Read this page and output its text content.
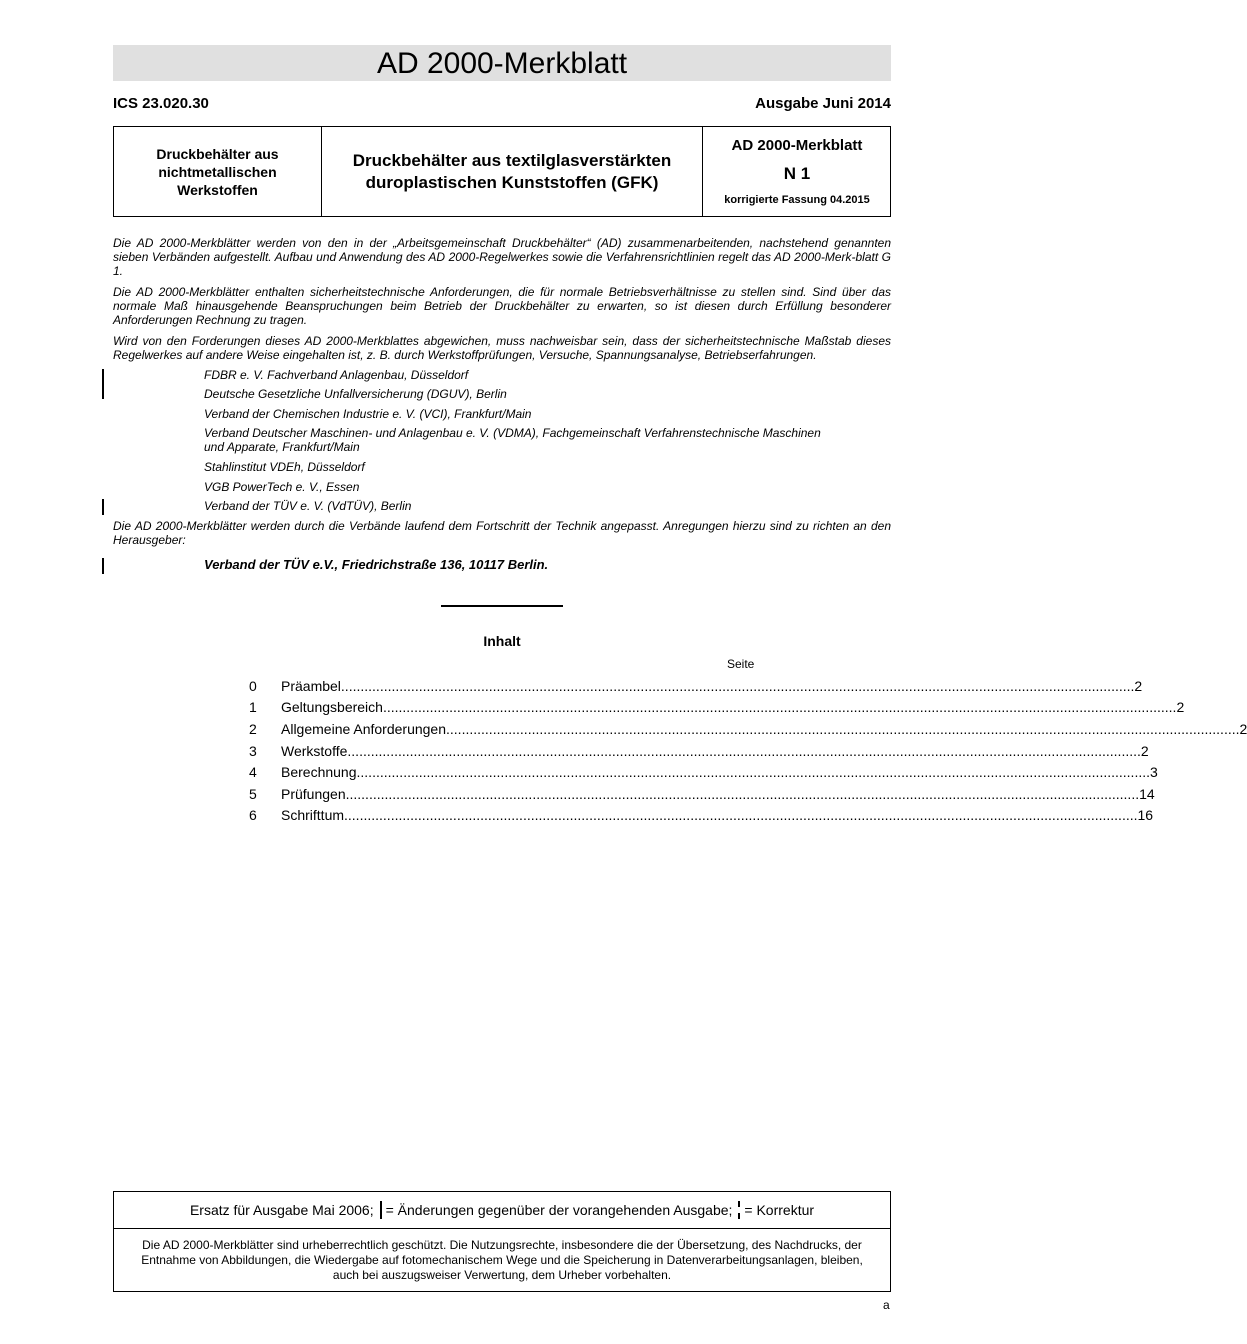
AD 2000-Merkblatt
ICS 23.020.30	Ausgabe Juni 2014
Druckbehälter aus
nichtmetallischen
Werkstoffen
Druckbehälter aus textilglasverstärkten
duroplastischen Kunststoffen (GFK)
AD 2000-Merkblatt
N 1
korrigierte Fassung 04.2015
Die AD 2000-Merkblätter werden von den in der „Arbeitsgemeinschaft Druckbehälter“ (AD) zusammenarbeitenden, nachstehend genannten sieben Verbänden aufgestellt. Aufbau und Anwendung des AD 2000-Regelwerkes sowie die Verfahrensrichtlinien regelt das AD 2000-Merk-blatt G 1.
Die AD 2000-Merkblätter enthalten sicherheitstechnische Anforderungen, die für normale Betriebsverhältnisse zu stellen sind. Sind über das normale Maß hinausgehende Beanspruchungen beim Betrieb der Druckbehälter zu erwarten, so ist diesen durch Erfüllung besonderer Anforderungen Rechnung zu tragen.
Wird von den Forderungen dieses AD 2000-Merkblattes abgewichen, muss nachweisbar sein, dass der sicherheitstechnische Maßstab dieses Regelwerkes auf andere Weise eingehalten ist, z. B. durch Werkstoffprüfungen, Versuche, Spannungsanalyse, Betriebserfahrungen.
FDBR e. V. Fachverband Anlagenbau, Düsseldorf
Deutsche Gesetzliche Unfallversicherung (DGUV), Berlin
Verband der Chemischen Industrie e. V. (VCI), Frankfurt/Main
Verband Deutscher Maschinen- und Anlagenbau e. V. (VDMA), Fachgemeinschaft Verfahrenstechnische Maschinen
und Apparate, Frankfurt/Main
Stahlinstitut VDEh, Düsseldorf
VGB PowerTech e. V., Essen
Verband der TÜV e. V. (VdTÜV), Berlin
Die AD 2000-Merkblätter werden durch die Verbände laufend dem Fortschritt der Technik angepasst. Anregungen hierzu sind zu richten an den Herausgeber:
Verband der TÜV e.V., Friedrichstraße 136, 10117 Berlin.
Inhalt
Seite
0 Präambel ............................................................................................................................................................................................................ 2
1 Geltungsbereich ............................................................................................................................................................................................................ 2
2 Allgemeine Anforderungen ............................................................................................................................................................................................................ 2
3 Werkstoffe ............................................................................................................................................................................................................ 2
4 Berechnung ............................................................................................................................................................................................................ 3
5 Prüfungen ............................................................................................................................................................................................................ 14
6 Schrifttum ............................................................................................................................................................................................................ 16
Ersatz für Ausgabe Mai 2006; = Änderungen gegenüber der vorangehenden Ausgabe; = Korrektur
Die AD 2000-Merkblätter sind urheberrechtlich geschützt. Die Nutzungsrechte, insbesondere die der Übersetzung, des Nachdrucks, der Entnahme von Abbildungen, die Wiedergabe auf fotomechanischem Wege und die Speicherung in Datenverarbeitungsanlagen, bleiben, auch bei auszugsweiser Verwertung, dem Urheber vorbehalten.
a
